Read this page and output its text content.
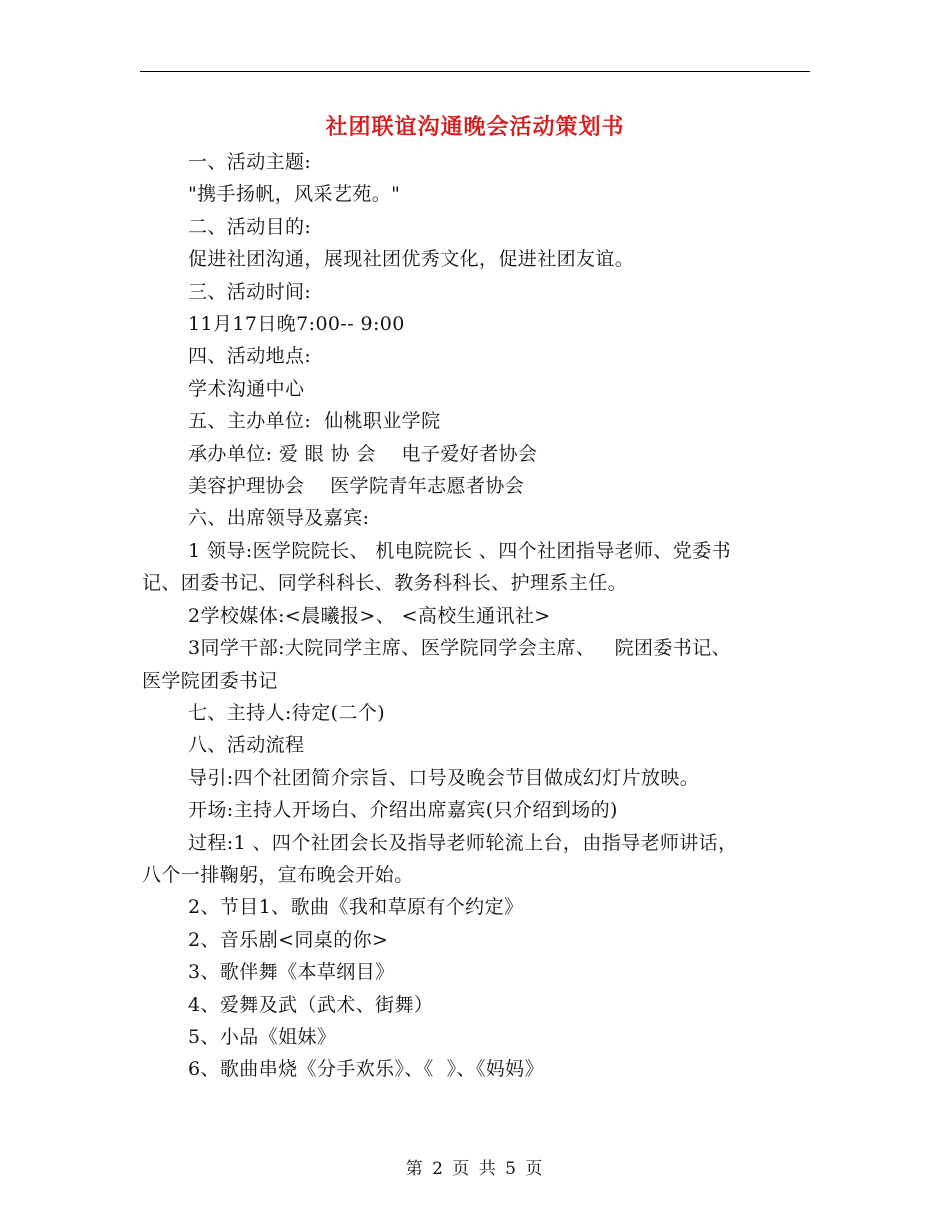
社团联谊沟通晚会活动策划书
一、活动主题:
"携手扬帆，风采艺苑。"
二、活动目的:
促进社团沟通，展现社团优秀文化，促进社团友谊。
三、活动时间:
11月17日晚7:00-- 9:00
四、活动地点:
学术沟通中心
五、主办单位:  仙桃职业学院
承办单位: 爱 眼 协 会    电子爱好者协会
美容护理协会    医学院青年志愿者协会
六、出席领导及嘉宾:
1 领导:医学院院长、 机电院院长 、四个社团指导老师、党委书
记、团委书记、同学科科长、教务科科长、护理系主任。
2学校媒体:<晨曦报>、 <高校生通讯社>
3同学干部:大院同学主席、医学院同学会主席、   院团委书记、
医学院团委书记
七、主持人:待定(二个)
八、活动流程
导引:四个社团简介宗旨、口号及晚会节目做成幻灯片放映。
开场:主持人开场白、介绍出席嘉宾(只介绍到场的)
过程:1 、四个社团会长及指导老师轮流上台，由指导老师讲话，
八个一排鞠躬，宣布晚会开始。
2、节目1、歌曲《我和草原有个约定》
2、音乐剧<同桌的你>
3、歌伴舞《本草纲目》
4、爱舞及武（武术、街舞）
5、小品《姐妹》
6、歌曲串烧《分手欢乐》、《  》、《妈妈》
第 2 页 共 5 页
